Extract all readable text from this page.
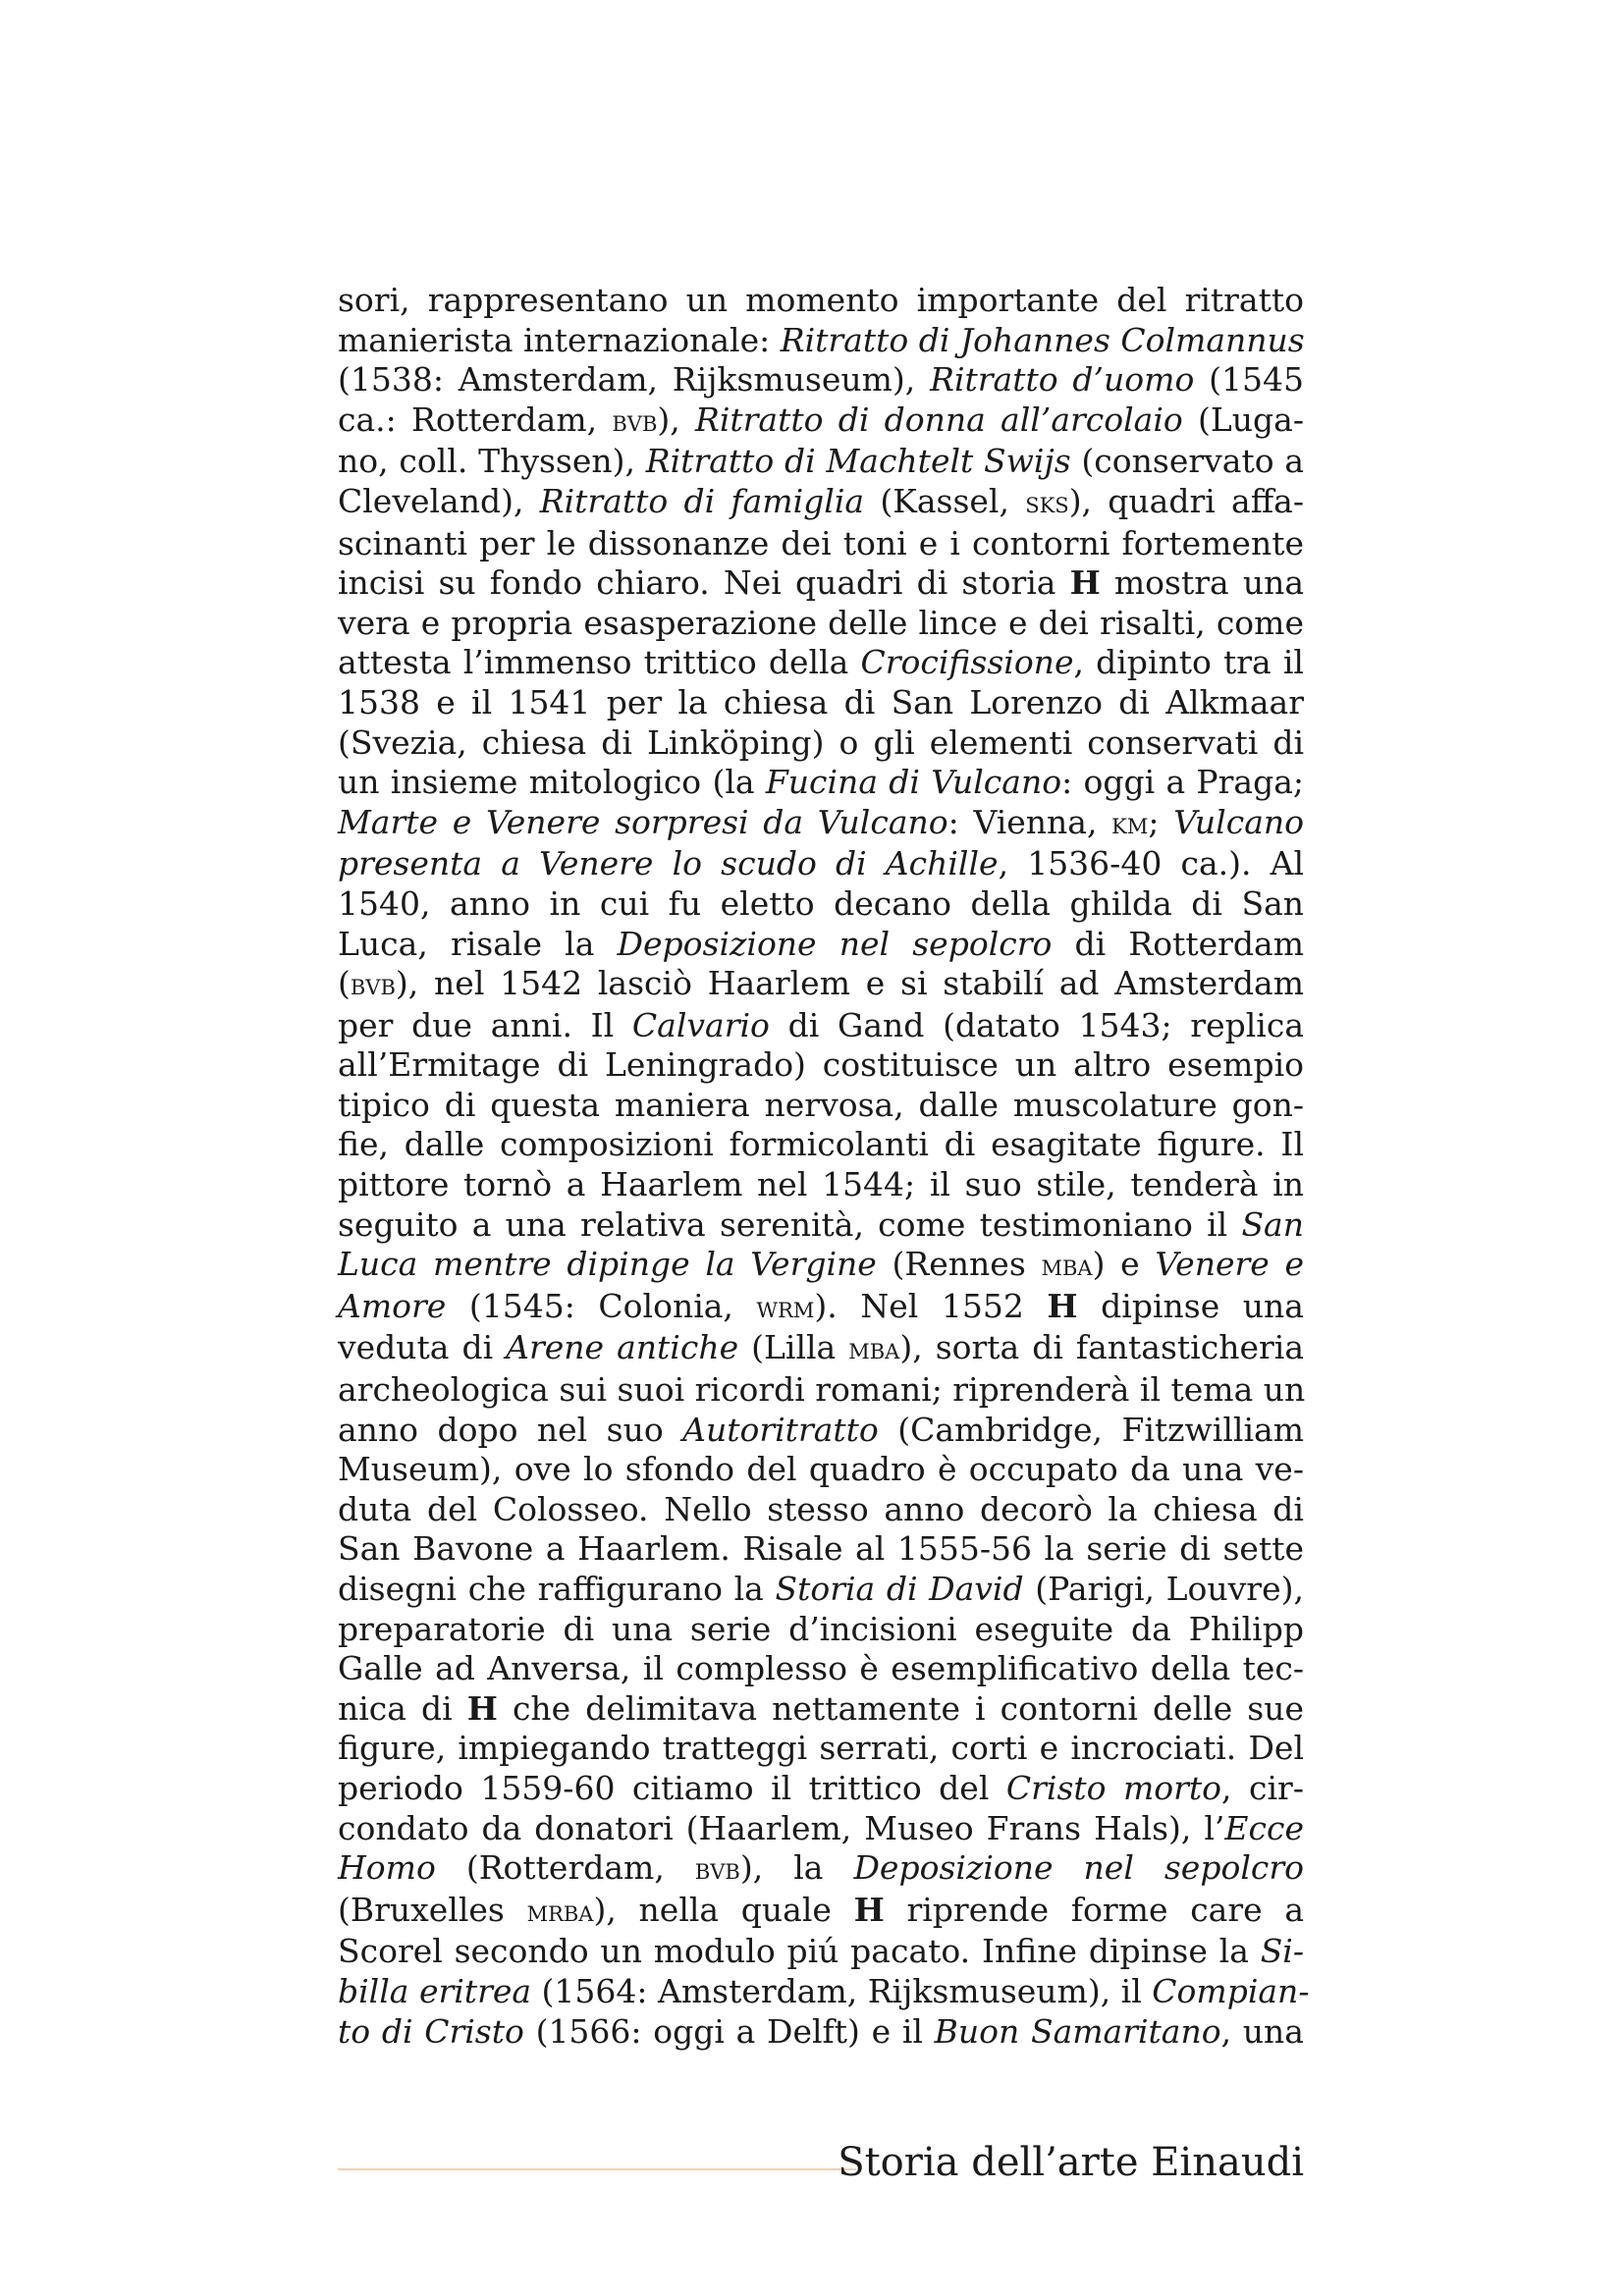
sori, rappresentano un momento importante del ritratto
manierista internazionale: Ritratto di Johannes Colmannus
(1538: Amsterdam, Rijksmuseum), Ritratto d’uomo (1545
ca.: Rotterdam, bvb), Ritratto di donna all’arcolaio (Luga-
no, coll. Thyssen), Ritratto di Machtelt Swijs (conservato a
Cleveland), Ritratto di famiglia (Kassel, sks), quadri affa-
scinanti per le dissonanze dei toni e i contorni fortemente
incisi su fondo chiaro. Nei quadri di storia H mostra una
vera e propria esasperazione delle lince e dei risalti, come
attesta l’immenso trittico della Crocifissione, dipinto tra il
1538 e il 1541 per la chiesa di San Lorenzo di Alkmaar
(Svezia, chiesa di Linköping) o gli elementi conservati di
un insieme mitologico (la Fucina di Vulcano: oggi a Praga;
Marte e Venere sorpresi da Vulcano: Vienna, km; Vulcano
presenta a Venere lo scudo di Achille, 1536-40 ca.). Al
1540, anno in cui fu eletto decano della ghilda di San
Luca, risale la Deposizione nel sepolcro di Rotterdam
(bvb), nel 1542 lasciò Haarlem e si stabilí ad Amsterdam
per due anni. Il Calvario di Gand (datato 1543; replica
all’Ermitage di Leningrado) costituisce un altro esempio
tipico di questa maniera nervosa, dalle muscolature gon-
fie, dalle composizioni formicolanti di esagitate figure. Il
pittore tornò a Haarlem nel 1544; il suo stile, tenderà in
seguito a una relativa serenità, come testimoniano il San
Luca mentre dipinge la Vergine (Rennes mba) e Venere e
Amore (1545: Colonia, wrm). Nel 1552 H dipinse una
veduta di Arene antiche (Lilla mba), sorta di fantasticheria
archeologica sui suoi ricordi romani; riprenderà il tema un
anno dopo nel suo Autoritratto (Cambridge, Fitzwilliam
Museum), ove lo sfondo del quadro è occupato da una ve-
duta del Colosseo. Nello stesso anno decorò la chiesa di
San Bavone a Haarlem. Risale al 1555-56 la serie di sette
disegni che raffigurano la Storia di David (Parigi, Louvre),
preparatorie di una serie d’incisioni eseguite da Philipp
Galle ad Anversa, il complesso è esemplificativo della tec-
nica di H che delimitava nettamente i contorni delle sue
figure, impiegando tratteggi serrati, corti e incrociati. Del
periodo 1559-60 citiamo il trittico del Cristo morto, cir-
condato da donatori (Haarlem, Museo Frans Hals), l’Ecce
Homo (Rotterdam, bvb), la Deposizione nel sepolcro
(Bruxelles mrba), nella quale H riprende forme care a
Scorel secondo un modulo piú pacato. Infine dipinse la Si-
billa eritrea (1564: Amsterdam, Rijksmuseum), il Compian-
to di Cristo (1566: oggi a Delft) e il Buon Samaritano, una
Storia dell’arte Einaudi
